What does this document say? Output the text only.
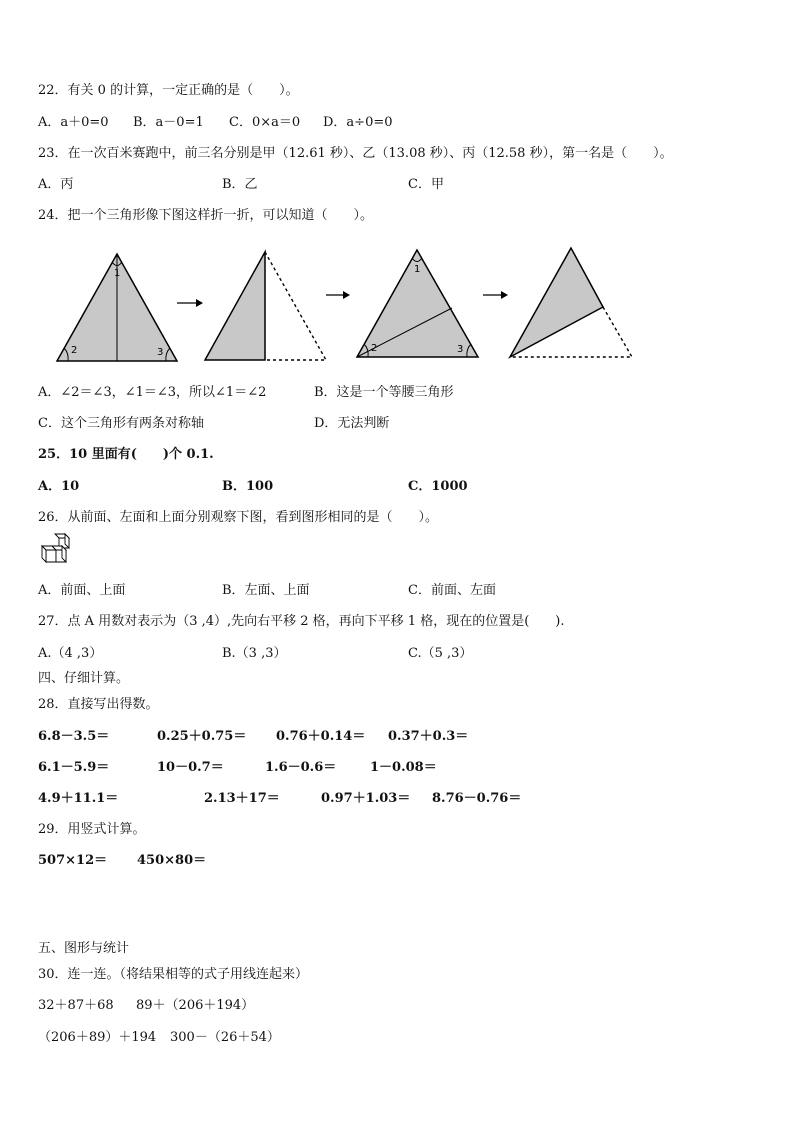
22．有关 0 的计算，一定正确的是（　　）。
A．a＋0=0 B．a－0=1 C．0×a＝0 D．a÷0=0
23．在一次百米赛跑中，前三名分别是甲（12.61 秒）、乙（13.08 秒）、丙（12.58 秒），第一名是（　　）。
A．丙	B．乙	C．甲
24．把一个三角形像下图这样折一折，可以知道（　　）。
1
2	3
1
2	3
A．∠2＝∠3，∠1＝∠3，所以∠1＝∠2	B．这是一个等腰三角形
C．这个三角形有两条对称轴	D．无法判断
25．10 里面有(　　)个 0.1.
A．10	B．100	C．1000
26．从前面、左面和上面分别观察下图，看到图形相同的是（　　）。
A．前面、上面	B．左面、上面	C．前面、左面
27．点 A 用数对表示为（3 ,4）,先向右平移 2 格，再向下平移 1 格，现在的位置是(　　).
A.（4 ,3）	B.（3 ,3）	C.（5 ,3）
四、仔细计算。
28．直接写出得数。
6.8－3.5＝	0.25＋0.75＝ 0.76＋0.14＝ 0.37＋0.3＝
6.1－5.9＝	10－0.7＝	1.6－0.6＝	1－0.08＝
4.9＋11.1＝	2.13＋17＝	0.97＋1.03＝ 8.76－0.76＝
29．用竖式计算。
507×12＝ 450×80＝
五、图形与统计
30．连一连。（将结果相等的式子用线连起来）
32＋87＋68 89＋（206＋194）
（206＋89）＋194 300－（26＋54）
